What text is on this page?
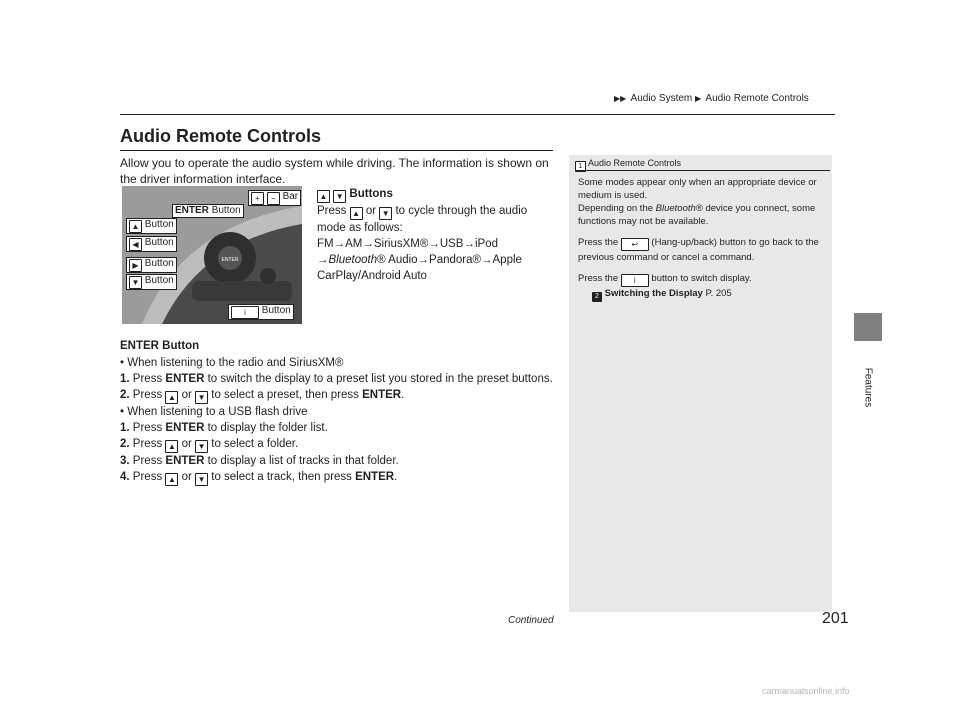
▶▶ Audio System ▶ Audio Remote Controls
Features
Audio Remote Controls
Allow you to operate the audio system while driving. The information is shown on the driver information interface.
ENTER
+ − Bar
ENTER Button
▲ Button
◀ Button
▶ Button
▼ Button
i Button
▲ ▼ Buttons
Press ▲ or ▼ to cycle through the audio mode as follows:
FM→AM→SiriusXM®→USB→iPod
→Bluetooth® Audio→Pandora®→Apple
CarPlay/Android Auto
ENTER Button
• When listening to the radio and SiriusXM®
1. Press ENTER to switch the display to a preset list you stored in the preset buttons.
2. Press ▲ or ▼ to select a preset, then press ENTER.
• When listening to a USB flash drive
1. Press ENTER to display the folder list.
2. Press ▲ or ▼ to select a folder.
3. Press ENTER to display a list of tracks in that folder.
4. Press ▲ or ▼ to select a track, then press ENTER.
1 Audio Remote Controls
Some modes appear only when an appropriate device or medium is used.
Depending on the Bluetooth® device you connect, some functions may not be available.
Press the ↩ (Hang-up/back) button to go back to the previous command or cancel a command.
Press the i button to switch display.
2 Switching the Display P. 205
Continued	201
carmanualsonline.info
